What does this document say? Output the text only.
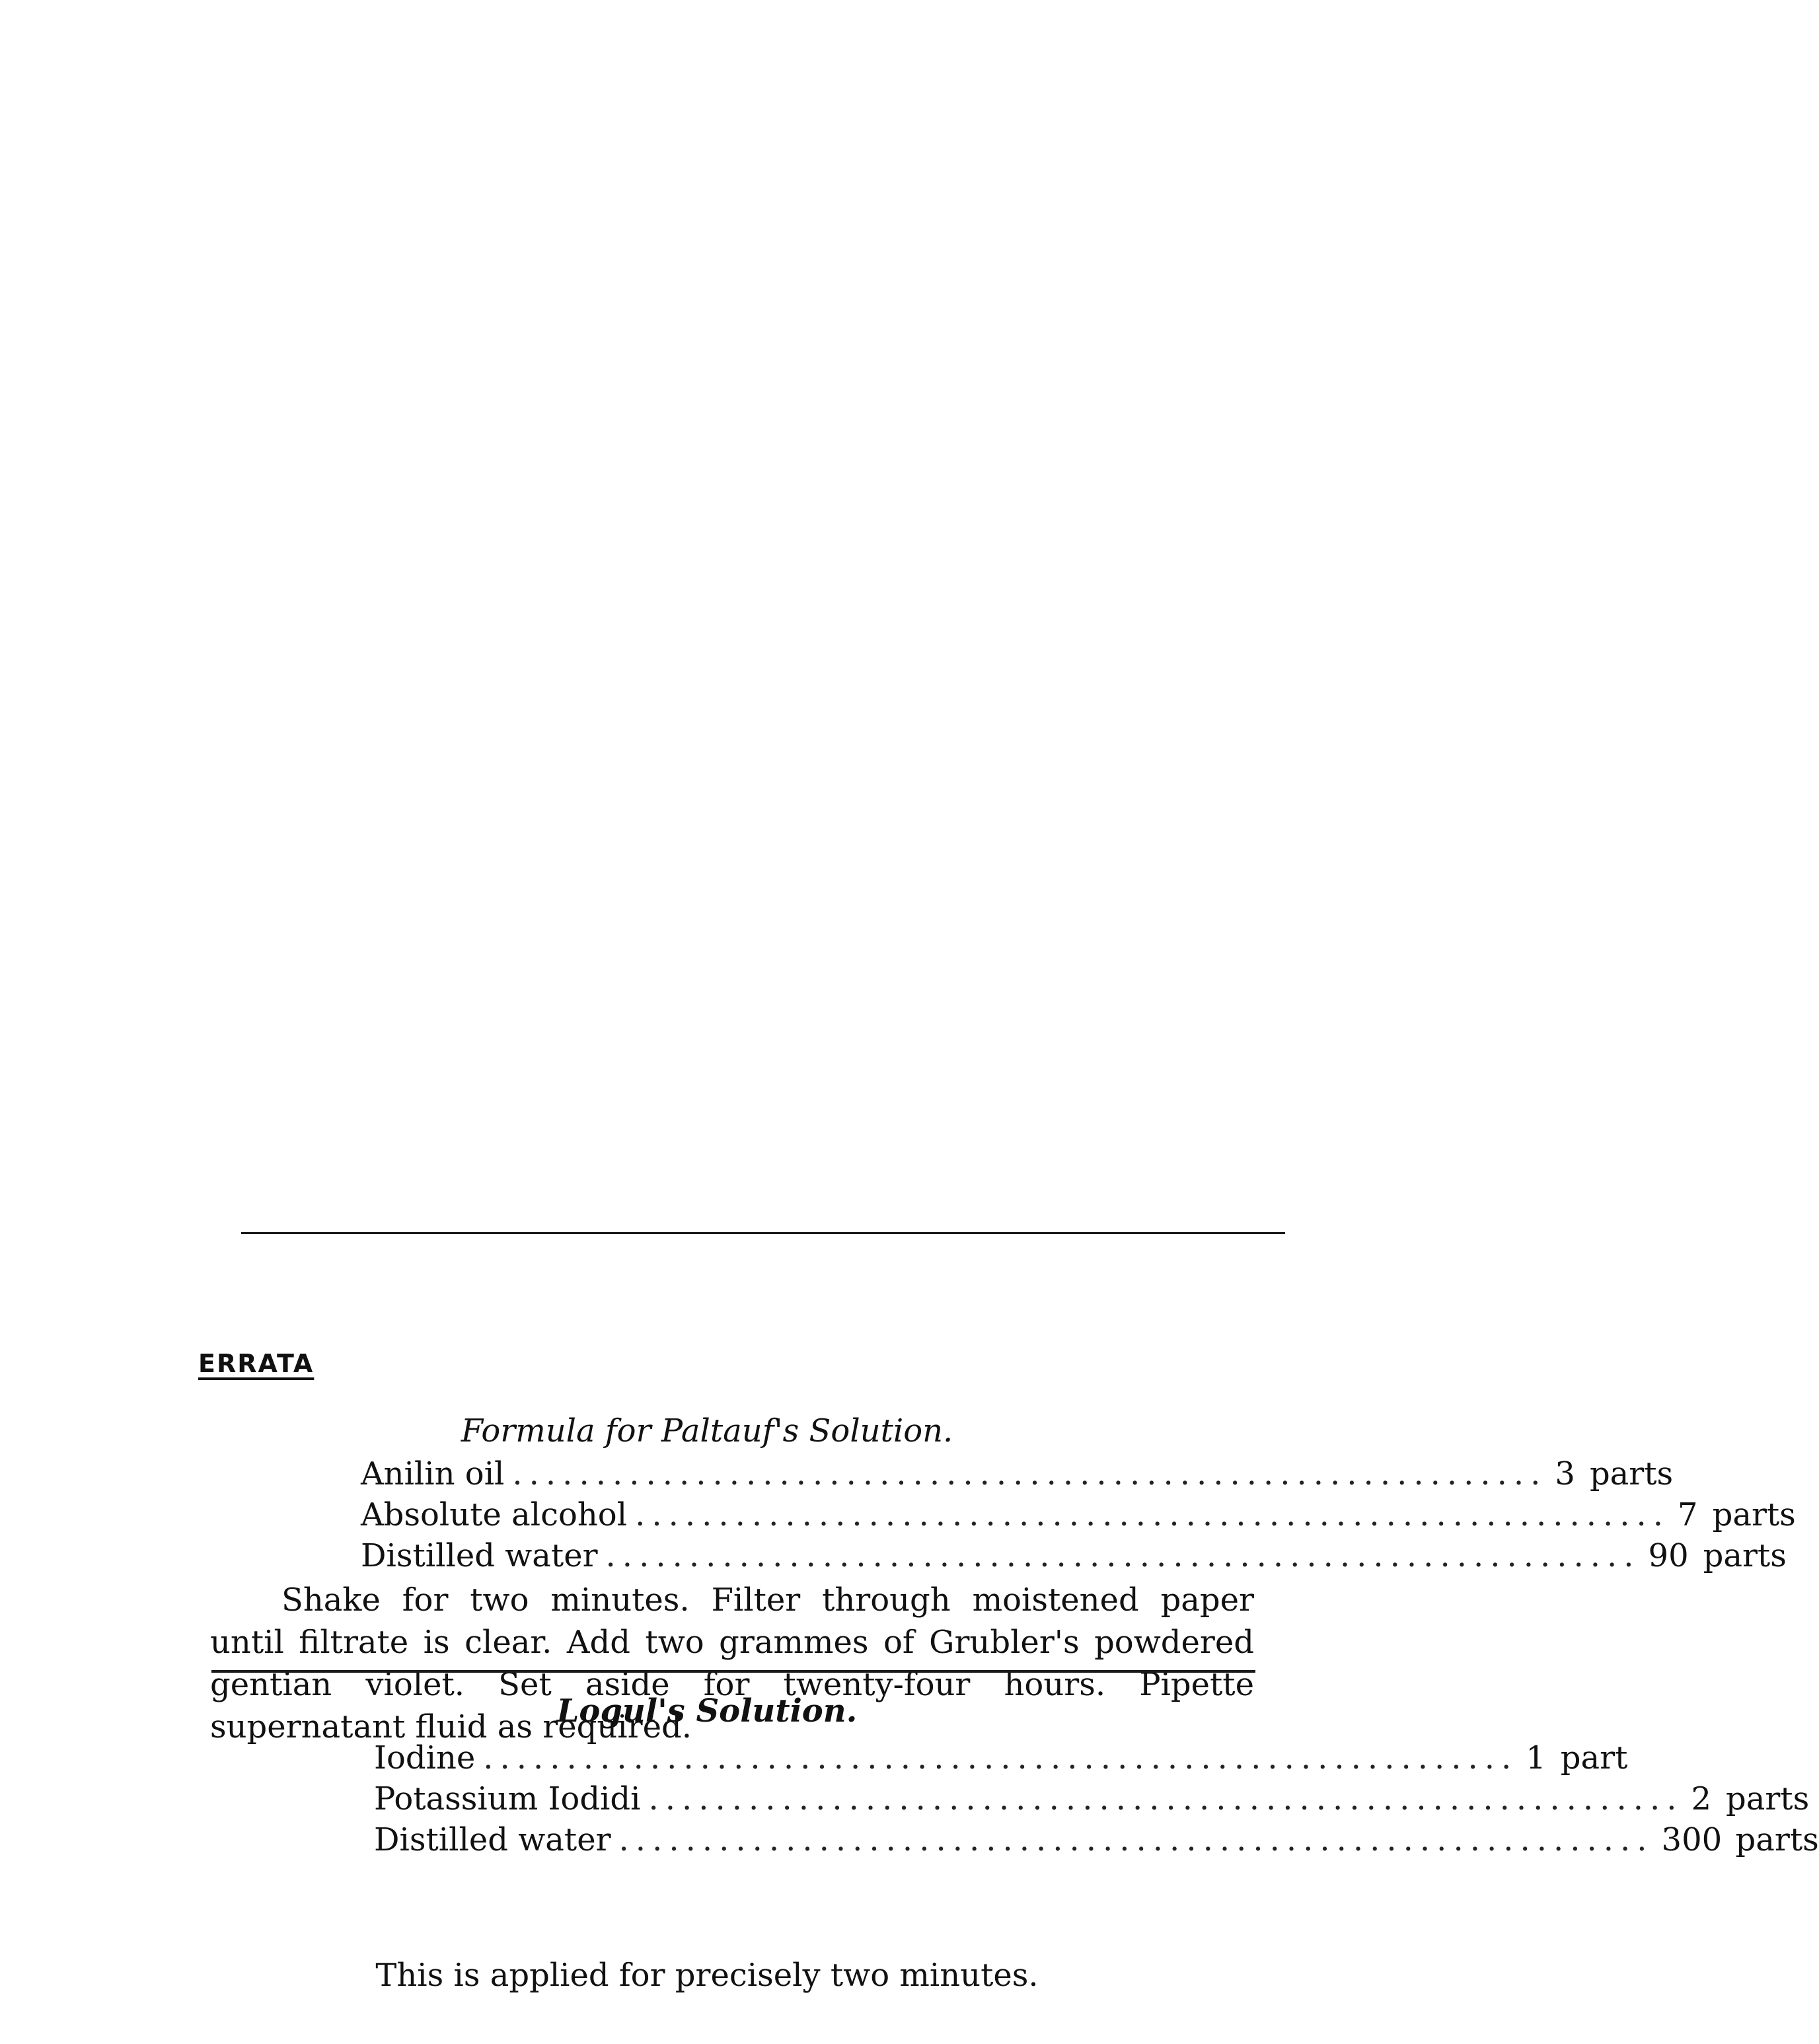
ERRATA
Formula for Paltauf's Solution.
Anilin oil .............................................................. 3 parts
Absolute alcohol .............................................................. 7 parts
Distilled water .............................................................. 90 parts
Shake for two minutes. Filter through moistened paper until filtrate is clear. Add two grammes of Grubler's powdered gentian violet. Set aside for twenty-four hours. Pipette supernatant fluid as required.
Logul's Solution.
Iodine .............................................................. 1 part
Potassium Iodidi .............................................................. 2 parts
Distilled water .............................................................. 300 parts
This is applied for precisely two minutes.
